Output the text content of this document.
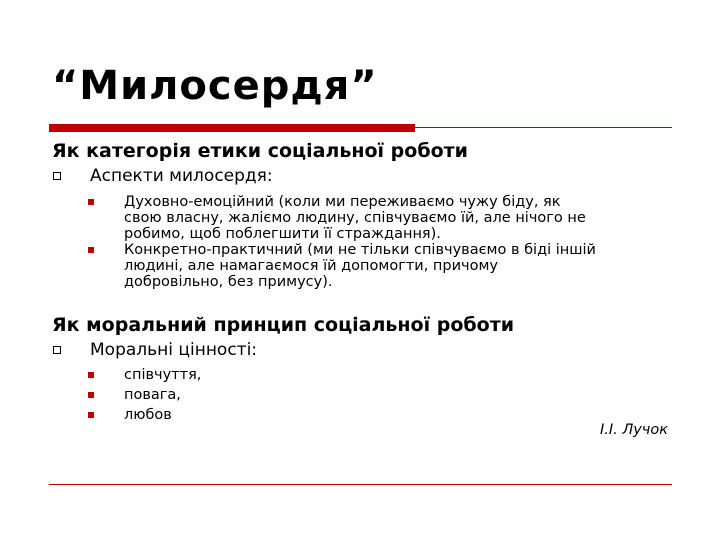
“Милосердя”

Як категорія етики соціальної роботи

Аспекти милосердя:
Духовно-емоційний (коли ми переживаємо чужу біду, як
свою власну, жаліємо людину, співчуваємо їй, але нічого не
робимо, щоб поблегшити її страждання).
Конкретно-практичний (ми не тільки співчуваємо в біді іншій
людині, але намагаємося їй допомогти, причому
добровільно, без примусу).

Як моральний принцип соціальної роботи

Моральні цінності:
співчуття,
повага,
любов
І.І. Лучок
